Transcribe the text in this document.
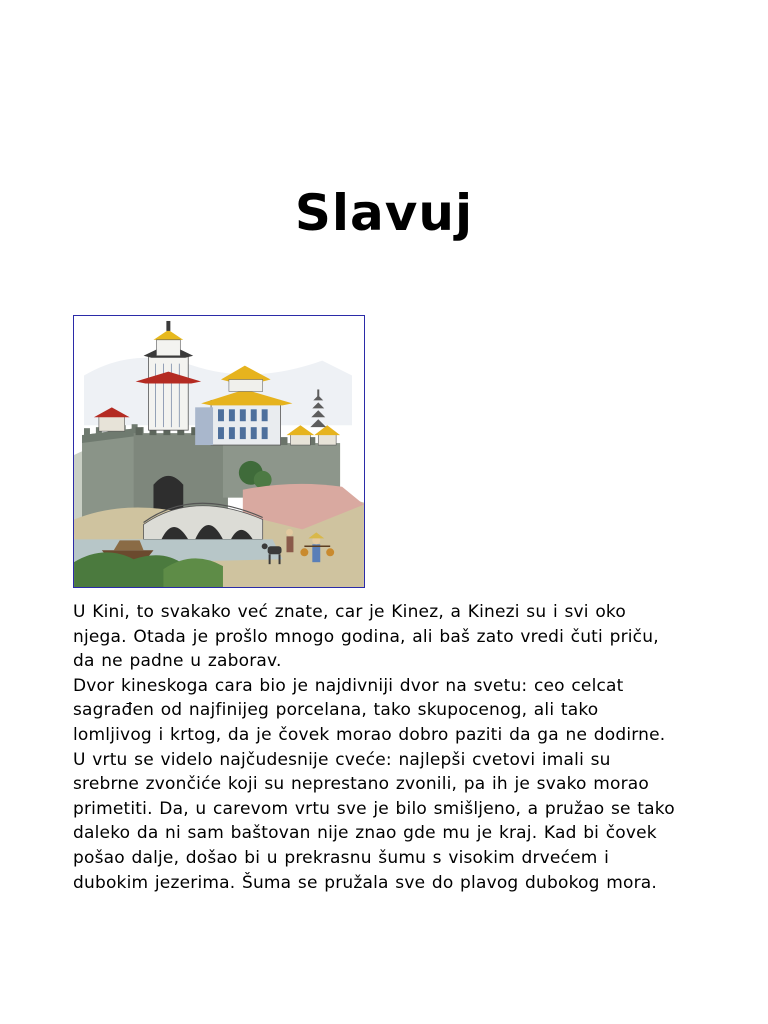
Slavuj
U Kini, to svakako već znate, car je Kinez, a Kinezi su i svi oko
njega. Otada je prošlo mnogo godina, ali baš zato vredi čuti priču,
da ne padne u zaborav.
Dvor kineskoga cara bio je najdivniji dvor na svetu: ceo celcat
sagrađen od najfinijeg porcelana, tako skupocenog, ali tako
lomljivog i krtog, da je čovek morao dobro paziti da ga ne dodirne.
U vrtu se videlo najčudesnije cveće: najlepši cvetovi imali su
srebrne zvončiće koji su neprestano zvonili, pa ih je svako morao
primetiti. Da, u carevom vrtu sve je bilo smišljeno, a pružao se tako
daleko da ni sam baštovan nije znao gde mu je kraj. Kad bi čovek
pošao dalje, došao bi u prekrasnu šumu s visokim drvećem i
dubokim jezerima. Šuma se pružala sve do plavog dubokog mora.
